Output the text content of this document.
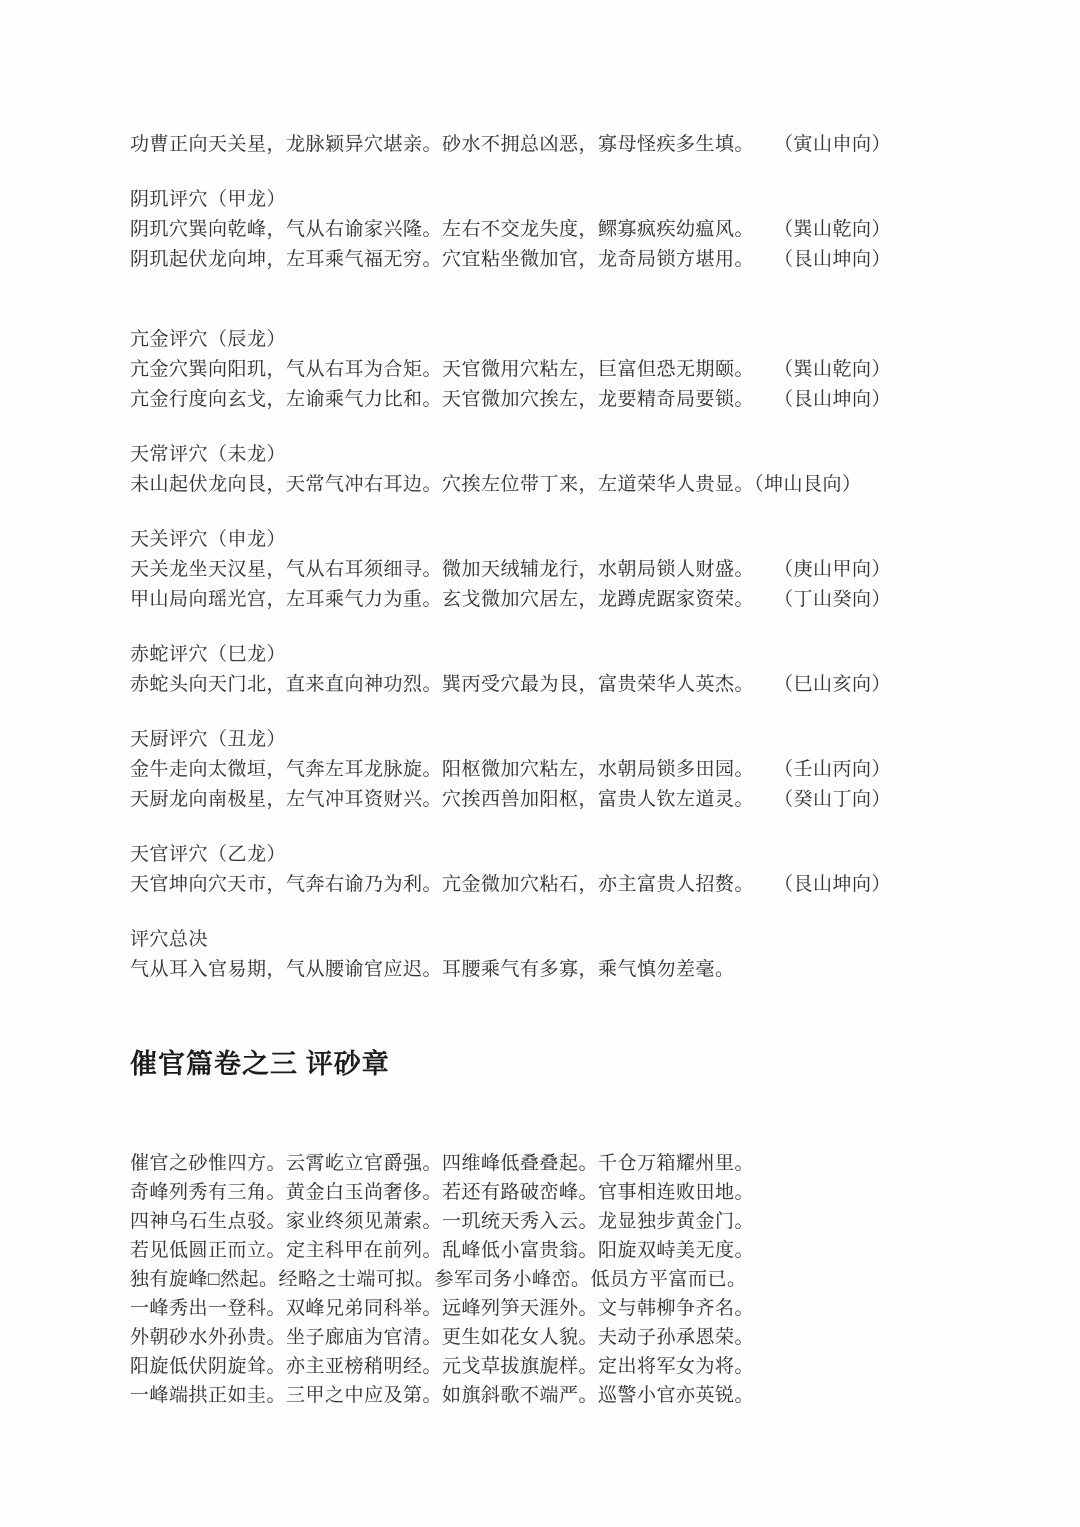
功曹正向天关星，龙脉颖异穴堪亲。砂水不拥总凶恶，寡母怪疾多生填。　　（寅山申向）

阴玑评穴（甲龙）

阴玑穴巽向乾峰，气从右谕家兴隆。左右不交龙失度，鳏寡疯疾幼瘟风。　　（巽山乾向）

阴玑起伏龙向坤，左耳乘气福无穷。穴宜粘坐微加官，龙奇局锁方堪用。　　（艮山坤向）

亢金评穴（辰龙）

亢金穴巽向阳玑，气从右耳为合矩。天官微用穴粘左，巨富但恐无期颐。　　（巽山乾向）

亢金行度向玄戈，左谕乘气力比和。天官微加穴挨左，龙要精奇局要锁。　　（艮山坤向）

天常评穴（未龙）

未山起伏龙向艮，天常气冲右耳边。穴挨左位带丁来，左道荣华人贵显。（坤山艮向）

天关评穴（申龙）

天关龙坐天汉星，气从右耳须细寻。微加天绒辅龙行，水朝局锁人财盛。　　（庚山甲向）

甲山局向瑶光宫，左耳乘气力为重。玄戈微加穴居左，龙蹲虎踞家资荣。　　（丁山癸向）

赤蛇评穴（巳龙）

赤蛇头向天门北，直来直向神功烈。巽丙受穴最为艮，富贵荣华人英杰。　　（巳山亥向）

天厨评穴（丑龙）

金牛走向太微垣，气奔左耳龙脉旋。阳枢微加穴粘左，水朝局锁多田园。　　（壬山丙向）

天厨龙向南极星，左气冲耳资财兴。穴挨西兽加阳枢，富贵人钦左道灵。　　（癸山丁向）

天官评穴（乙龙）

天官坤向穴天市，气奔右谕乃为利。亢金微加穴粘石，亦主富贵人招赘。　　（艮山坤向）

评穴总决

气从耳入官易期，气从腰谕官应迟。耳腰乘气有多寡，乘气慎勿差毫。

催官篇卷之三 评砂章

催官之砂惟四方。云霄屹立官爵强。四维峰低叠叠起。千仓万箱耀州里。

奇峰列秀有三角。黄金白玉尚奢侈。若还有路破峦峰。官事相连败田地。

四神乌石生点驳。家业终须见萧索。一玑统天秀入云。龙显独步黄金门。

若见低圆正而立。定主科甲在前列。乱峰低小富贵翁。阳旋双峙美无度。

独有旋峰□然起。经略之士端可拟。参军司务小峰峦。低员方平富而已。

一峰秀出一登科。双峰兄弟同科举。远峰列笋天涯外。文与韩柳争齐名。

外朝砂水外孙贵。坐子廊庙为官清。更生如花女人貌。夫动子孙承恩荣。

阳旋低伏阴旋耸。亦主亚榜稍明经。元戈草拔旗旎样。定出将军女为将。

一峰端拱正如圭。三甲之中应及第。如旗斜歌不端严。巡警小官亦英锐。
